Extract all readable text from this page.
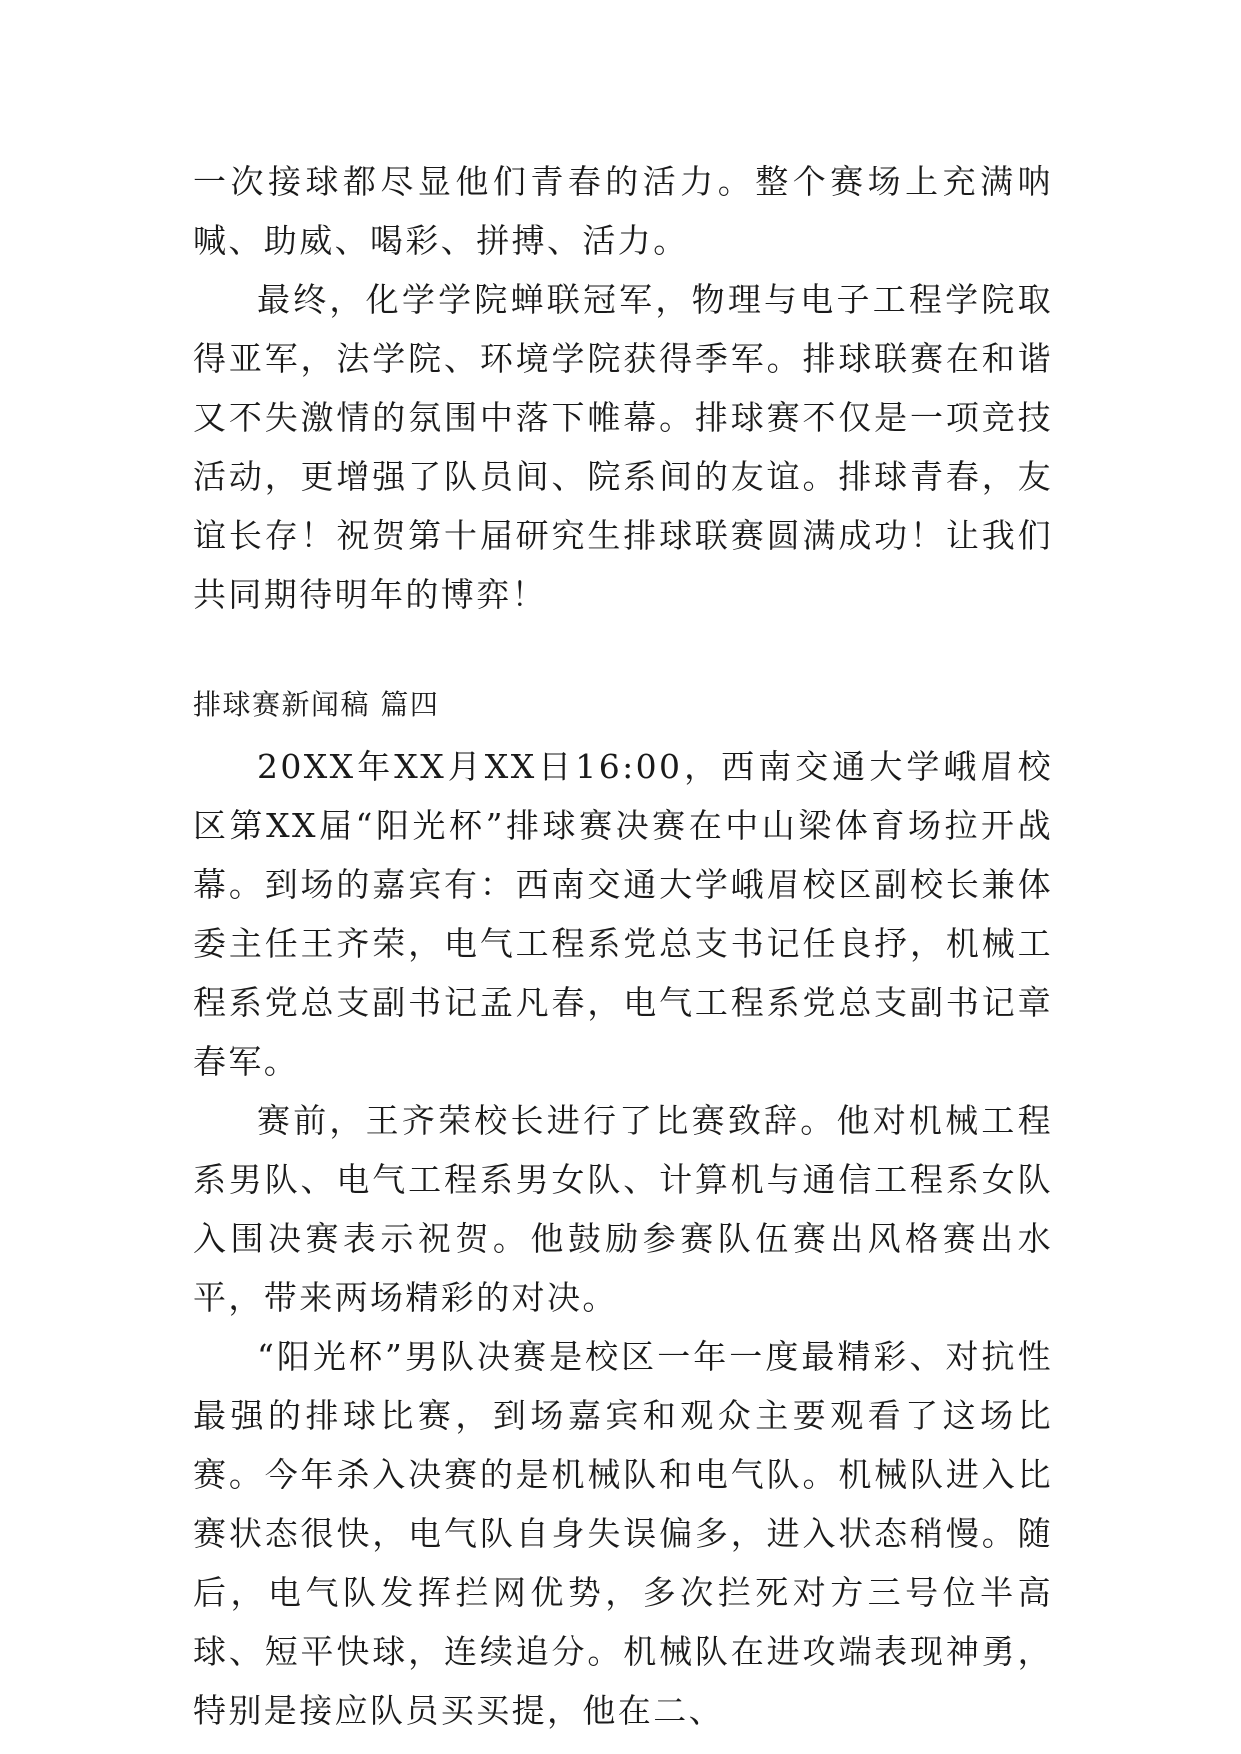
一次接球都尽显他们青春的活力。整个赛场上充满呐喊、助威、喝彩、拼搏、活力。

最终，化学学院蝉联冠军，物理与电子工程学院取得亚军，法学院、环境学院获得季军。排球联赛在和谐又不失激情的氛围中落下帷幕。排球赛不仅是一项竞技活动，更增强了队员间、院系间的友谊。排球青春，友谊长存！祝贺第十届研究生排球联赛圆满成功！让我们共同期待明年的博弈！

排球赛新闻稿 篇四

20XX年XX月XX日16:00，西南交通大学峨眉校区第XX届“阳光杯”排球赛决赛在中山梁体育场拉开战幕。到场的嘉宾有：西南交通大学峨眉校区副校长兼体委主任王齐荣，电气工程系党总支书记任良抒，机械工程系党总支副书记孟凡春，电气工程系党总支副书记章春军。

赛前，王齐荣校长进行了比赛致辞。他对机械工程系男队、电气工程系男女队、计算机与通信工程系女队入围决赛表示祝贺。他鼓励参赛队伍赛出风格赛出水平，带来两场精彩的对决。

“阳光杯”男队决赛是校区一年一度最精彩、对抗性最强的排球比赛，到场嘉宾和观众主要观看了这场比赛。今年杀入决赛的是机械队和电气队。机械队进入比赛状态很快，电气队自身失误偏多，进入状态稍慢。随后，电气队发挥拦网优势，多次拦死对方三号位半高球、短平快球，连续追分。机械队在进攻端表现神勇，特别是接应队员买买提，他在二、
